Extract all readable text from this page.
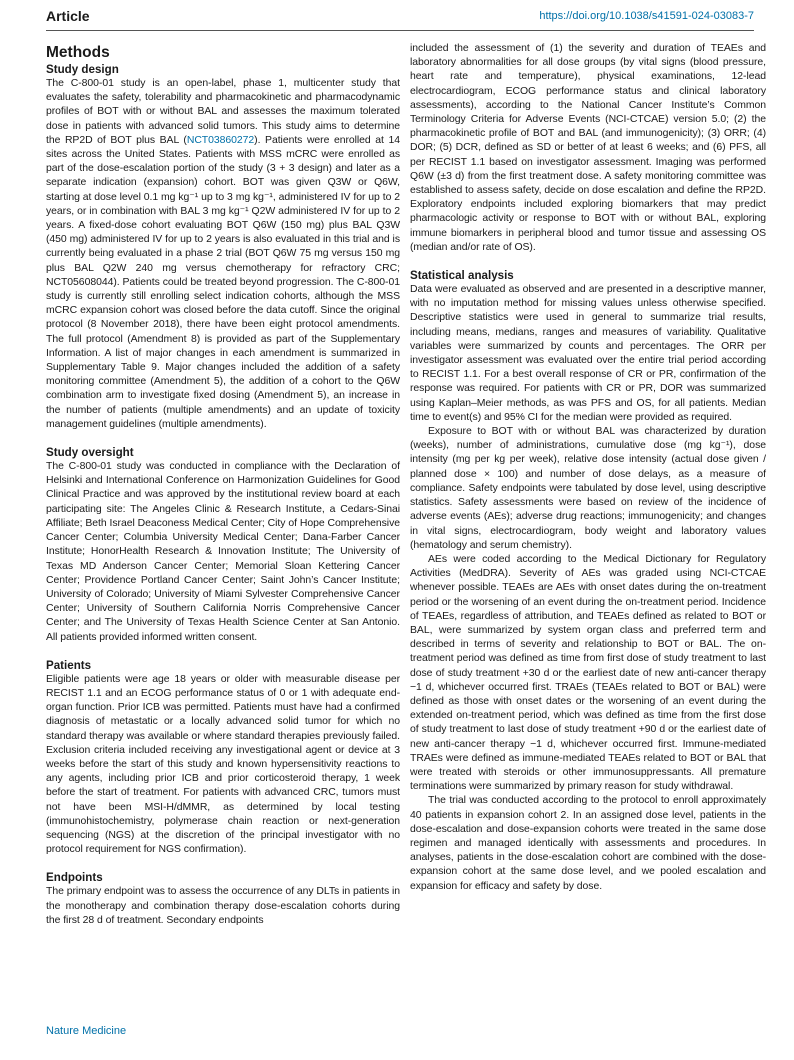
Article	https://doi.org/10.1038/s41591-024-03083-7
Methods
Study design

The C-800-01 study is an open-label, phase 1, multicenter study that evaluates the safety, tolerability and pharmacokinetic and pharmacodynamic profiles of BOT with or without BAL and assesses the maximum tolerated dose in patients with advanced solid tumors. This study aims to determine the RP2D of BOT plus BAL (NCT03860272). Patients were enrolled at 14 sites across the United States. Patients with MSS mCRC were enrolled as part of the dose-escalation portion of the study (3 + 3 design) and later as a separate indication (expansion) cohort. BOT was given Q3W or Q6W, starting at dose level 0.1 mg kg⁻¹ up to 3 mg kg⁻¹, administered IV for up to 2 years, or in combination with BAL 3 mg kg⁻¹ Q2W administered IV for up to 2 years. A fixed-dose cohort evaluating BOT Q6W (150 mg) plus BAL Q3W (450 mg) administered IV for up to 2 years is also evaluated in this trial and is currently being evaluated in a phase 2 trial (BOT Q6W 75 mg versus 150 mg plus BAL Q2W 240 mg versus chemotherapy for refractory CRC; NCT05608044). Patients could be treated beyond progression. The C-800-01 study is currently still enrolling select indication cohorts, although the MSS mCRC expansion cohort was closed before the data cutoff. Since the original protocol (8 November 2018), there have been eight protocol amendments. The full protocol (Amendment 8) is provided as part of the Supplementary Information. A list of major changes in each amendment is summarized in Supplementary Table 9. Major changes included the addition of a safety monitoring committee (Amendment 5), the addition of a cohort to the Q6W combination arm to investigate fixed dosing (Amendment 5), an increase in the number of patients (multiple amendments) and an update of toxicity management guidelines (multiple amendments).

Study oversight

The C-800-01 study was conducted in compliance with the Declaration of Helsinki and International Conference on Harmonization Guidelines for Good Clinical Practice and was approved by the institutional review board at each participating site: The Angeles Clinic & Research Institute, a Cedars-Sinai Affiliate; Beth Israel Deaconess Medical Center; City of Hope Comprehensive Cancer Center; Columbia University Medical Center; Dana-Farber Cancer Institute; HonorHealth Research & Innovation Institute; The University of Texas MD Anderson Cancer Center; Memorial Sloan Kettering Cancer Center; Providence Portland Cancer Center; Saint John’s Cancer Institute; University of Colorado; University of Miami Sylvester Comprehensive Cancer Center; University of Southern California Norris Comprehensive Cancer Center; and The University of Texas Health Science Center at San Antonio. All patients provided informed written consent.

Patients

Eligible patients were age 18 years or older with measurable disease per RECIST 1.1 and an ECOG performance status of 0 or 1 with adequate end-organ function. Prior ICB was permitted. Patients must have had a confirmed diagnosis of metastatic or a locally advanced solid tumor for which no standard therapy was available or where standard therapies previously failed. Exclusion criteria included receiving any investigational agent or device at 3 weeks before the start of this study and known hypersensitivity reactions to any agents, including prior ICB and prior corticosteroid therapy, 1 week before the start of treatment. For patients with advanced CRC, tumors must not have been MSI-H/dMMR, as determined by local testing (immunohistochemistry, polymerase chain reaction or next-generation sequencing (NGS) at the discretion of the principal investigator with no protocol requirement for NGS confirmation).

Endpoints

The primary endpoint was to assess the occurrence of any DLTs in patients in the monotherapy and combination therapy dose-escalation cohorts during the first 28 d of treatment. Secondary endpoints

included the assessment of (1) the severity and duration of TEAEs and laboratory abnormalities for all dose groups (by vital signs (blood pressure, heart rate and temperature), physical examinations, 12-lead electrocardiogram, ECOG performance status and clinical laboratory assessments), according to the National Cancer Institute’s Common Terminology Criteria for Adverse Events (NCI-CTCAE) version 5.0; (2) the pharmacokinetic profile of BOT and BAL (and immunogenicity); (3) ORR; (4) DOR; (5) DCR, defined as SD or better of at least 6 weeks; and (6) PFS, all per RECIST 1.1 based on investigator assessment. Imaging was performed Q6W (±3 d) from the first treatment dose. A safety monitoring committee was established to assess safety, decide on dose escalation and define the RP2D. Exploratory endpoints included exploring biomarkers that may predict pharmacologic activity or response to BOT with or without BAL, exploring immune biomarkers in peripheral blood and tumor tissue and assessing OS (median and/or rate of OS).

Statistical analysis

Data were evaluated as observed and are presented in a descriptive manner, with no imputation method for missing values unless otherwise specified. Descriptive statistics were used in general to summarize trial results, including means, medians, ranges and measures of variability. Qualitative variables were summarized by counts and percentages. The ORR per investigator assessment was evaluated over the entire trial period according to RECIST 1.1. For a best overall response of CR or PR, confirmation of the response was required. For patients with CR or PR, DOR was summarized using Kaplan–Meier methods, as was PFS and OS, for all patients. Median time to event(s) and 95% CI for the median were provided as required.

Exposure to BOT with or without BAL was characterized by duration (weeks), number of administrations, cumulative dose (mg kg⁻¹), dose intensity (mg per kg per week), relative dose intensity (actual dose given / planned dose × 100) and number of dose delays, as a measure of compliance. Safety endpoints were tabulated by dose level, using descriptive statistics. Safety assessments were based on review of the incidence of adverse events (AEs); adverse drug reactions; immunogenicity; and changes in vital signs, electrocardiogram, body weight and laboratory values (hematology and serum chemistry).

AEs were coded according to the Medical Dictionary for Regulatory Activities (MedDRA). Severity of AEs was graded using NCI-CTCAE whenever possible. TEAEs are AEs with onset dates during the on-treatment period or the worsening of an event during the on-treatment period. Incidence of TEAEs, regardless of attribution, and TEAEs defined as related to BOT or BAL, were summarized by system organ class and preferred term and described in terms of severity and relationship to BOT or BAL. The on-treatment period was defined as time from first dose of study treatment to last dose of study treatment +30 d or the earliest date of new anti-cancer therapy −1 d, whichever occurred first. TRAEs (TEAEs related to BOT or BAL) were defined as those with onset dates or the worsening of an event during the extended on-treatment period, which was defined as time from the first dose of study treatment to last dose of study treatment +90 d or the earliest date of new anti-cancer therapy −1 d, whichever occurred first. Immune-mediated TRAEs were defined as immune-mediated TEAEs related to BOT or BAL that were treated with steroids or other immunosuppressants. All premature terminations were summarized by primary reason for study withdrawal.

The trial was conducted according to the protocol to enroll approximately 40 patients in expansion cohort 2. In an assigned dose level, patients in the dose-escalation and dose-expansion cohorts were treated in the same dose regimen and managed identically with assessments and procedures. In analyses, patients in the dose-escalation cohort are combined with the dose-expansion cohort at the same dose level, and we pooled escalation and expansion for efficacy and safety by dose.

Nature Medicine
